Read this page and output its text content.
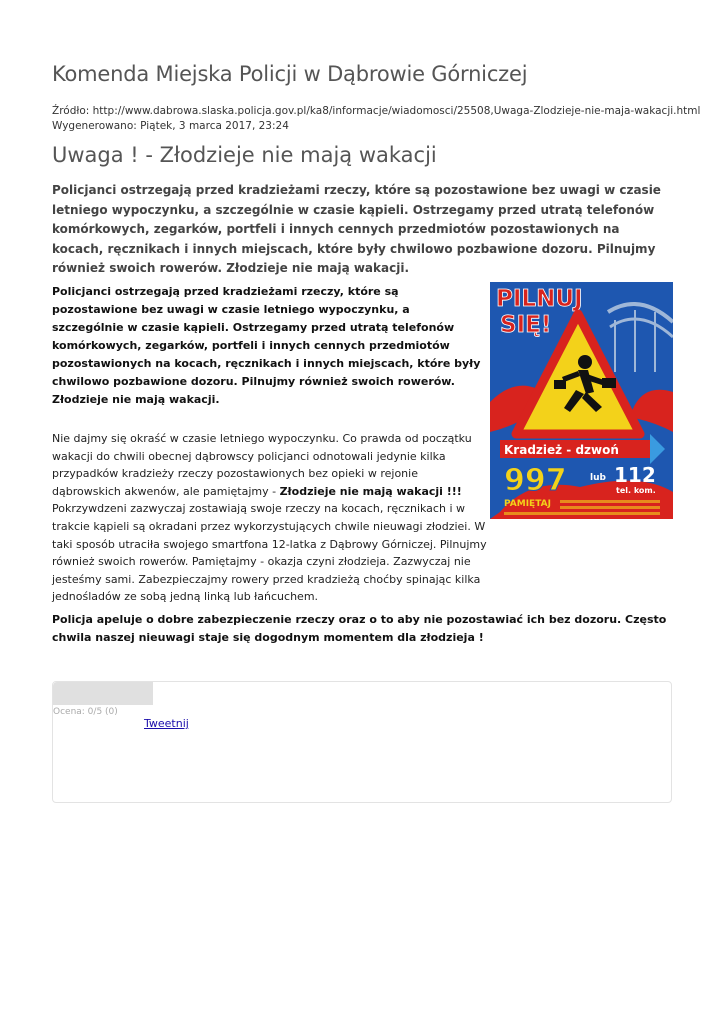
Komenda Miejska Policji w Dąbrowie Górniczej
Źródło: http://www.dabrowa.slaska.policja.gov.pl/ka8/informacje/wiadomosci/25508,Uwaga-Zlodzieje-nie-maja-wakacji.html
Wygenerowano: Piątek, 3 marca 2017, 23:24
Uwaga ! - Złodzieje nie mają wakacji
Policjanci ostrzegają przed kradzieżami rzeczy, które są pozostawione bez uwagi w czasie letniego wypoczynku, a szczególnie w czasie kąpieli. Ostrzegamy przed utratą telefonów komórkowych, zegarków, portfeli i innych cennych przedmiotów pozostawionych na kocach, ręcznikach i innych miejscach, które były chwilowo pozbawione dozoru. Pilnujmy również swoich rowerów. Złodzieje nie mają wakacji.
Policjanci ostrzegają przed kradzieżami rzeczy, które są pozostawione bez uwagi w czasie letniego wypoczynku, a szczególnie w czasie kąpieli. Ostrzegamy przed utratą telefonów komórkowych, zegarków, portfeli i innych cennych przedmiotów pozostawionych na kocach, ręcznikach i innych miejscach, które były chwilowo pozbawione dozoru. Pilnujmy również swoich rowerów. Złodzieje nie mają wakacji.
PILNUJ
SIĘ!
Kradzież - dzwoń
997	lub 112
tel. kom.
PAMIĘTAJ
Nie dajmy się okraść w czasie letniego wypoczynku. Co prawda od początku wakacji do chwili obecnej dąbrowscy policjanci odnotowali jedynie kilka przypadków kradzieży rzeczy pozostawionych bez opieki w rejonie dąbrowskich akwenów, ale pamiętajmy - Złodzieje nie mają wakacji !!! Pokrzywdzeni zazwyczaj zostawiają swoje rzeczy na kocach, ręcznikach i w trakcie kąpieli są okradani przez wykorzystujących chwile nieuwagi złodziei. W taki sposób utraciła swojego smartfona 12-latka z Dąbrowy Górniczej. Pilnujmy również swoich rowerów. Pamiętajmy - okazja czyni złodzieja. Zazwyczaj nie jesteśmy sami. Zabezpieczajmy rowery przed kradzieżą choćby spinając kilka jednośladów ze sobą jedną linką lub łańcuchem.
Policja apeluje o dobre zabezpieczenie rzeczy oraz o to aby nie pozostawiać ich bez dozoru. Często chwila naszej nieuwagi staje się dogodnym momentem dla złodzieja !
Ocena: 0/5 (0)
Tweetnij
